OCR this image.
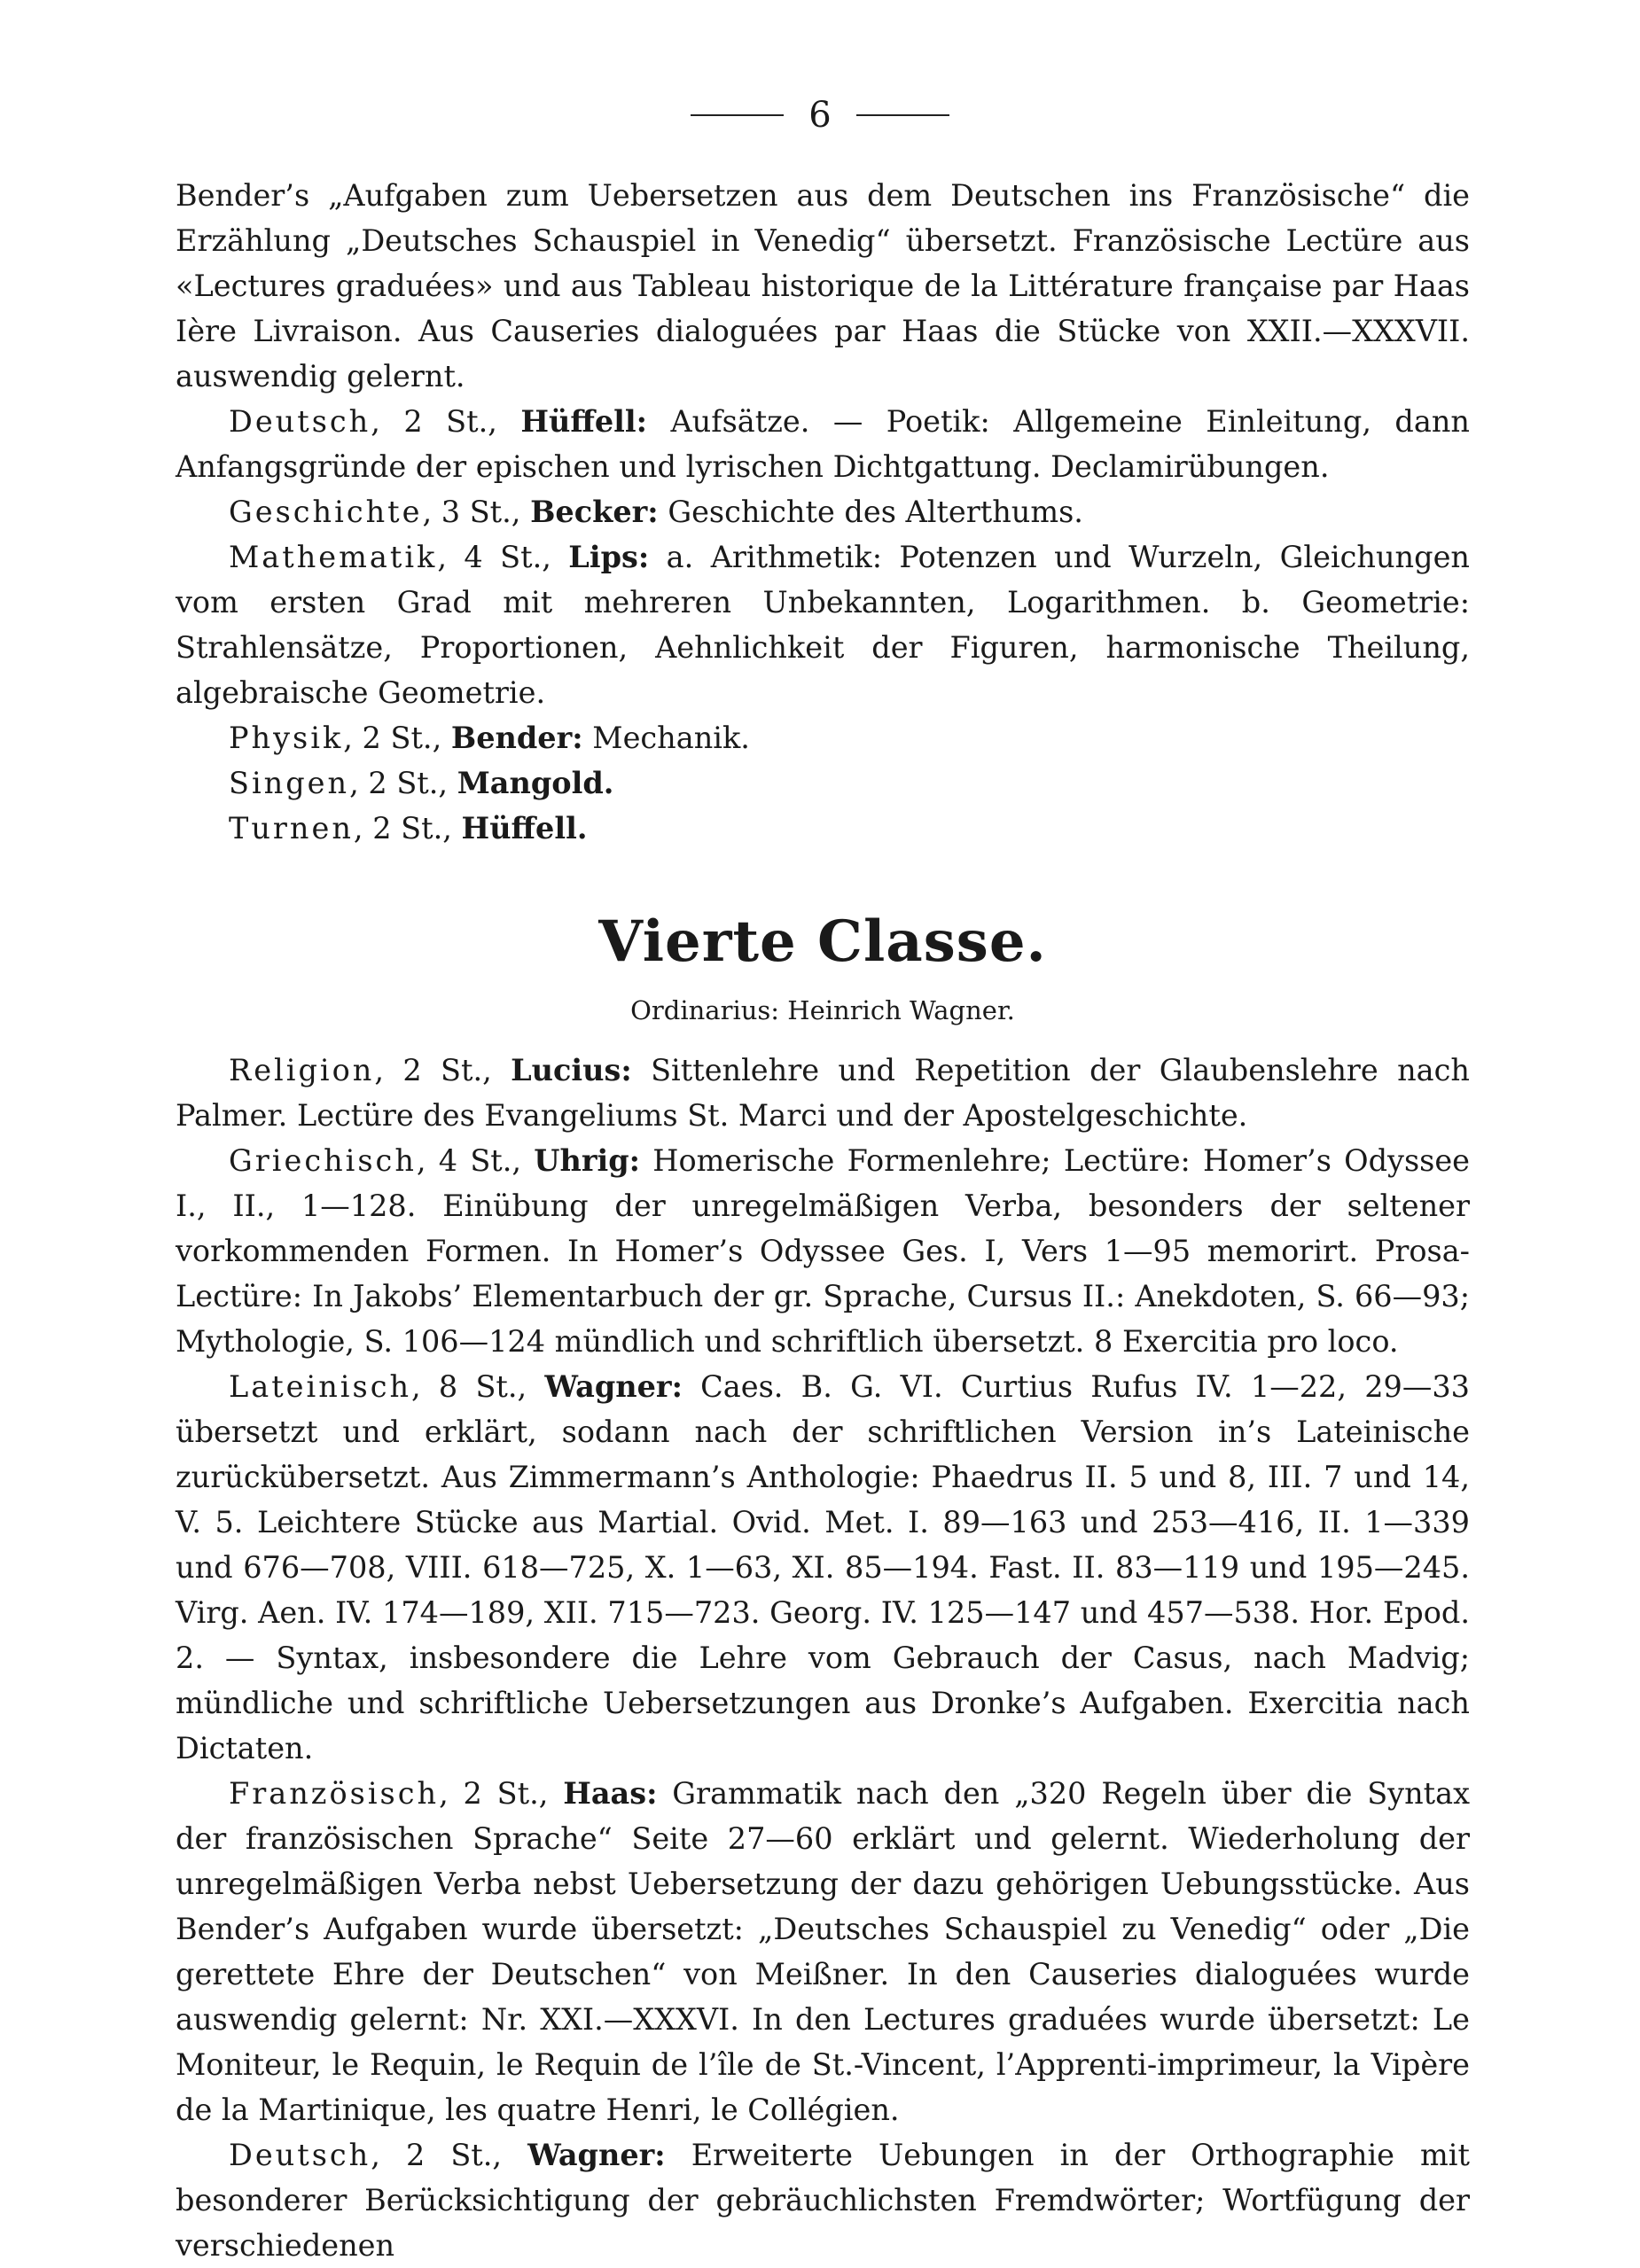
6

Bender’s „Aufgaben zum Uebersetzen aus dem Deutschen ins Französische“ die Erzählung „Deutsches Schauspiel in Venedig“ übersetzt. Französische Lectüre aus «Lectures graduées» und aus Tableau historique de la Littérature française par Haas Ière Livraison. Aus Causeries dialoguées par Haas die Stücke von XXII.—XXXVII. auswendig gelernt.

Deutsch, 2 St., Hüffell: Aufsätze. — Poetik: Allgemeine Einleitung, dann Anfangsgründe der epischen und lyrischen Dichtgattung. Declamirübungen.

Geschichte, 3 St., Becker: Geschichte des Alterthums.

Mathematik, 4 St., Lips: a. Arithmetik: Potenzen und Wurzeln, Gleichungen vom ersten Grad mit mehreren Unbekannten, Logarithmen. b. Geometrie: Strahlensätze, Proportionen, Aehnlichkeit der Figuren, harmonische Theilung, algebraische Geometrie.

Physik, 2 St., Bender: Mechanik.

Singen, 2 St., Mangold.

Turnen, 2 St., Hüffell.

Vierte Classe.

Ordinarius: Heinrich Wagner.

Religion, 2 St., Lucius: Sittenlehre und Repetition der Glaubenslehre nach Palmer. Lectüre des Evangeliums St. Marci und der Apostelgeschichte.

Griechisch, 4 St., Uhrig: Homerische Formenlehre; Lectüre: Homer’s Odyssee I., II., 1—128. Einübung der unregelmäßigen Verba, besonders der seltener vorkommenden Formen. In Homer’s Odyssee Ges. I, Vers 1—95 memorirt. Prosa-Lectüre: In Jakobs’ Elementarbuch der gr. Sprache, Cursus II.: Anekdoten, S. 66—93; Mythologie, S. 106—124 mündlich und schriftlich übersetzt. 8 Exercitia pro loco.

Lateinisch, 8 St., Wagner: Caes. B. G. VI. Curtius Rufus IV. 1—22, 29—33 übersetzt und erklärt, sodann nach der schriftlichen Version in’s Lateinische zurückübersetzt. Aus Zimmermann’s Anthologie: Phaedrus II. 5 und 8, III. 7 und 14, V. 5. Leichtere Stücke aus Martial. Ovid. Met. I. 89—163 und 253—416, II. 1—339 und 676—708, VIII. 618—725, X. 1—63, XI. 85—194. Fast. II. 83—119 und 195—245. Virg. Aen. IV. 174—189, XII. 715—723. Georg. IV. 125—147 und 457—538. Hor. Epod. 2. — Syntax, insbesondere die Lehre vom Gebrauch der Casus, nach Madvig; mündliche und schriftliche Uebersetzungen aus Dronke’s Aufgaben. Exercitia nach Dictaten.

Französisch, 2 St., Haas: Grammatik nach den „320 Regeln über die Syntax der französischen Sprache“ Seite 27—60 erklärt und gelernt. Wiederholung der unregelmäßigen Verba nebst Uebersetzung der dazu gehörigen Uebungsstücke. Aus Bender’s Aufgaben wurde übersetzt: „Deutsches Schauspiel zu Venedig“ oder „Die gerettete Ehre der Deutschen“ von Meißner. In den Causeries dialoguées wurde auswendig gelernt: Nr. XXI.—XXXVI. In den Lectures graduées wurde übersetzt: Le Moniteur, le Requin, le Requin de l’île de St.-Vincent, l’Apprenti-imprimeur, la Vipère de la Martinique, les quatre Henri, le Collégien.

Deutsch, 2 St., Wagner: Erweiterte Uebungen in der Orthographie mit besonderer Berücksichtigung der gebräuchlichsten Fremdwörter; Wortfügung der verschiedenen
